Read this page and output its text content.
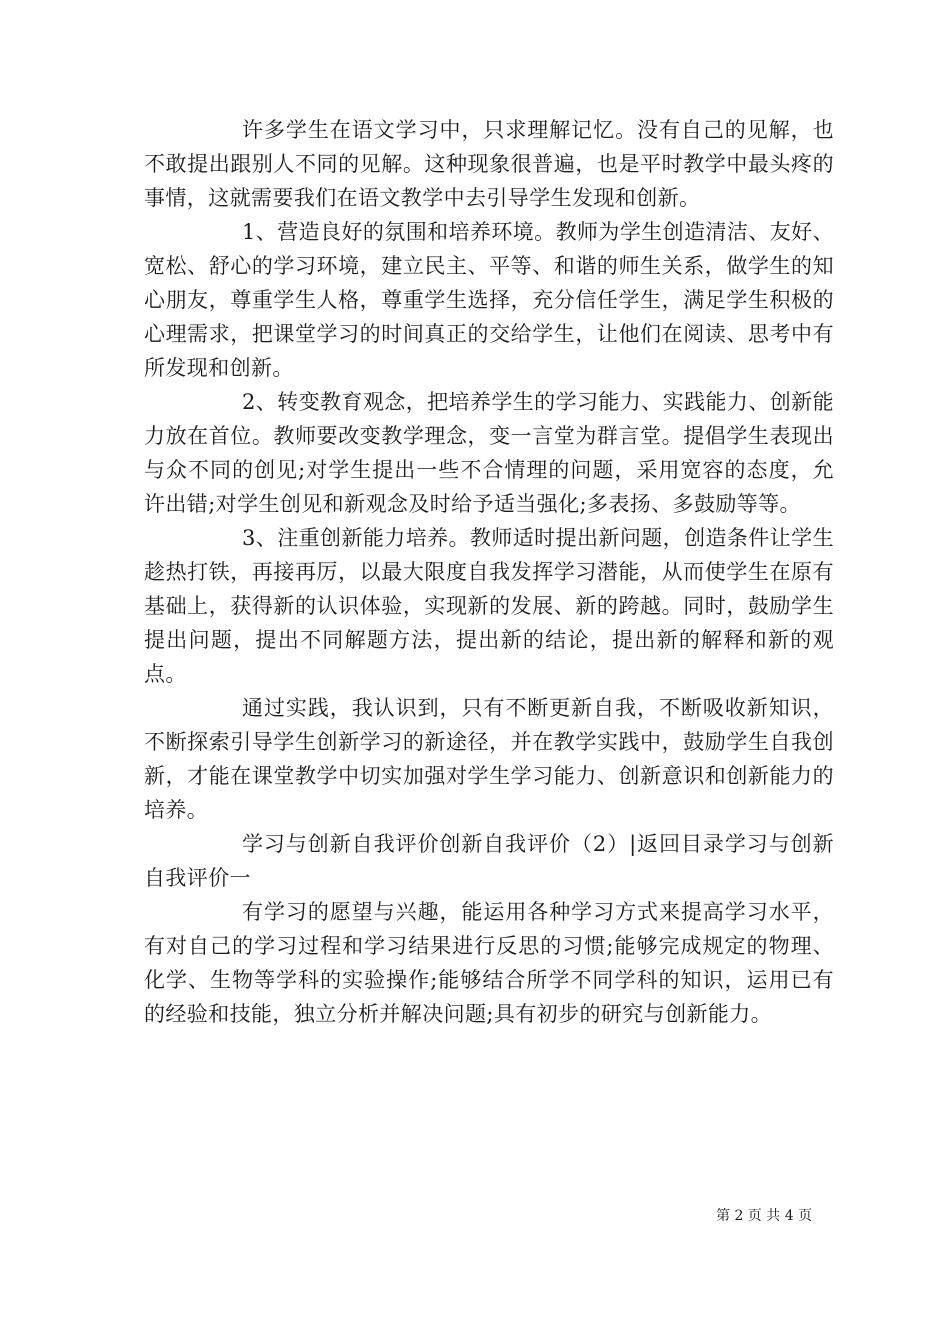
许多学生在语文学习中，只求理解记忆。没有自己的见解，也不敢提出跟别人不同的见解。这种现象很普遍，也是平时教学中最头疼的事情，这就需要我们在语文教学中去引导学生发现和创新。

1、营造良好的氛围和培养环境。教师为学生创造清洁、友好、宽松、舒心的学习环境，建立民主、平等、和谐的师生关系，做学生的知心朋友，尊重学生人格，尊重学生选择，充分信任学生，满足学生积极的心理需求，把课堂学习的时间真正的交给学生，让他们在阅读、思考中有所发现和创新。

2、转变教育观念，把培养学生的学习能力、实践能力、创新能力放在首位。教师要改变教学理念，变一言堂为群言堂。提倡学生表现出与众不同的创见;对学生提出一些不合情理的问题，采用宽容的态度，允许出错;对学生创见和新观念及时给予适当强化;多表扬、多鼓励等等。

3、注重创新能力培养。教师适时提出新问题，创造条件让学生趁热打铁，再接再厉，以最大限度自我发挥学习潜能，从而使学生在原有基础上，获得新的认识体验，实现新的发展、新的跨越。同时，鼓励学生提出问题，提出不同解题方法，提出新的结论，提出新的解释和新的观点。

通过实践，我认识到，只有不断更新自我，不断吸收新知识，不断探索引导学生创新学习的新途径，并在教学实践中，鼓励学生自我创新，才能在课堂教学中切实加强对学生学习能力、创新意识和创新能力的培养。

学习与创新自我评价创新自我评价（2）|返回目录学习与创新自我评价一

有学习的愿望与兴趣，能运用各种学习方式来提高学习水平，有对自己的学习过程和学习结果进行反思的习惯;能够完成规定的物理、化学、生物等学科的实验操作;能够结合所学不同学科的知识，运用已有的经验和技能，独立分析并解决问题;具有初步的研究与创新能力。

第 2 页 共 4 页
